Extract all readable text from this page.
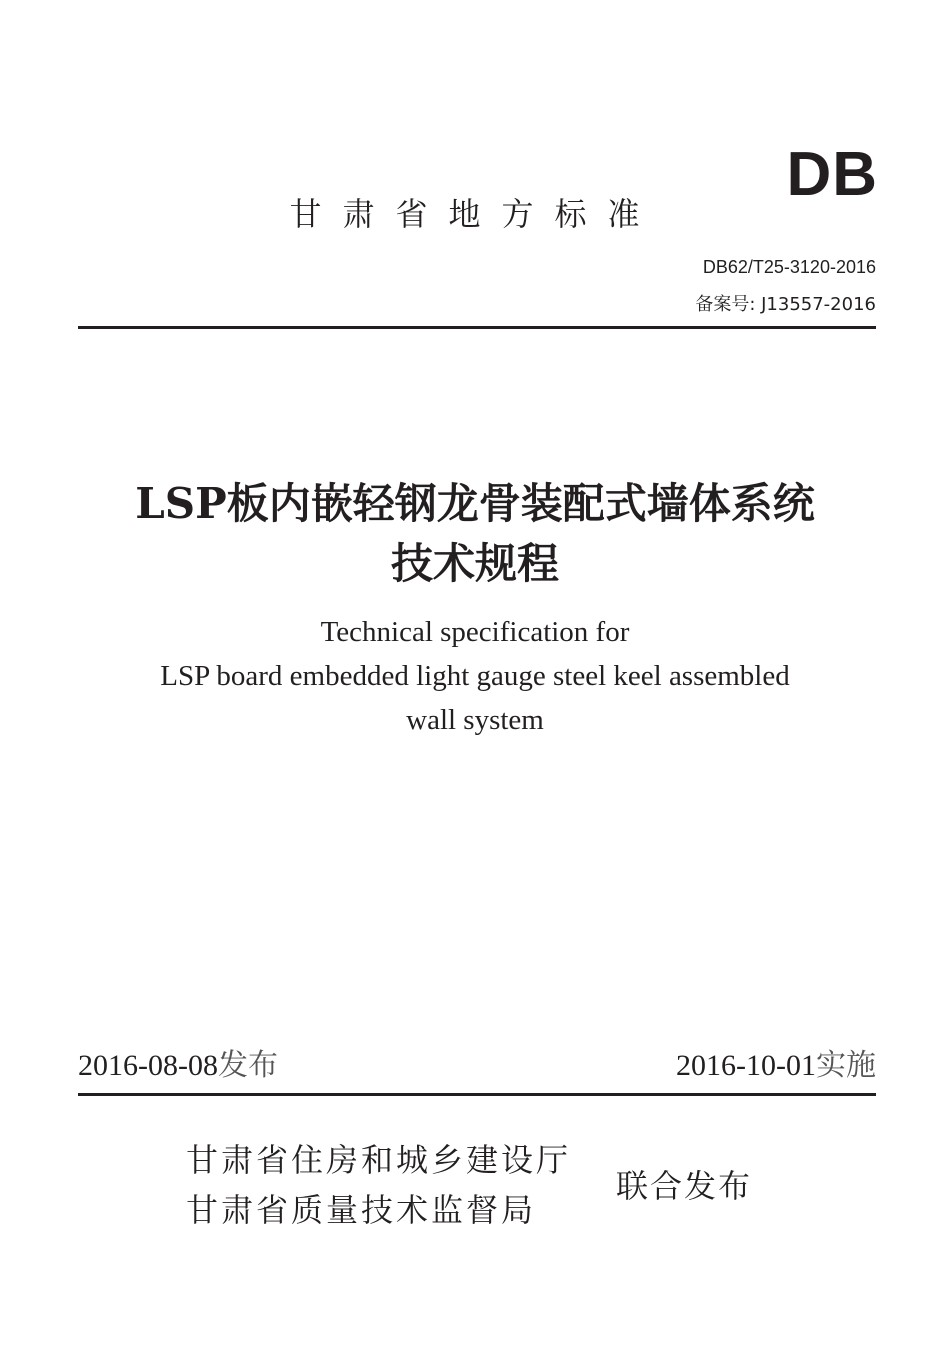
DB
甘肃省地方标准
DB62/T25-3120-2016
备案号: J13557-2016
LSP板内嵌轻钢龙骨装配式墙体系统
技术规程
Technical specification for
LSP board embedded light gauge steel keel assembled
wall system
2016-08-08发布	2016-10-01实施
甘肃省住房和城乡建设厅
甘肃省质量技术监督局
联合发布
